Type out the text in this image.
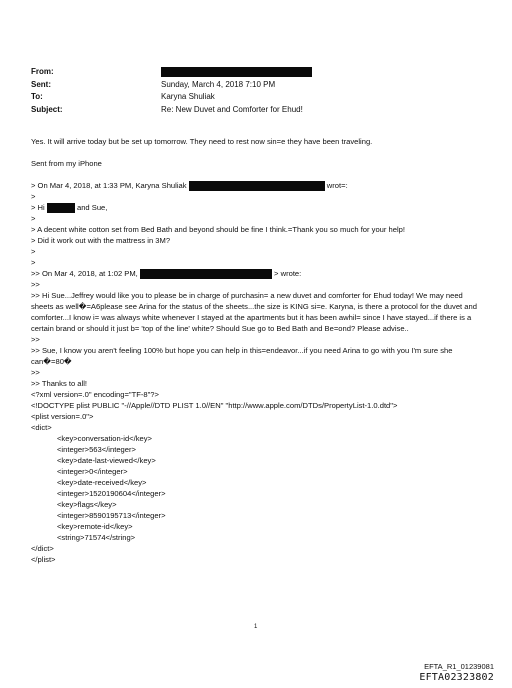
From:
Sent:	Sunday, March 4, 2018 7:10 PM
To:	Karyna Shuliak
Subject:	Re: New Duvet and Comforter for Ehud!
Yes. It will arrive today but be set up tomorrow. They need to rest now sin=e they have been traveling.
Sent from my iPhone
> On Mar 4, 2018, at 1:33 PM, Karyna Shuliak	wrot=:
>
> Hi	and Sue,
>
> A decent white cotton set from Bed Bath and beyond should be fine I think.=Thank you so much for your help!
> Did it work out with the mattress in 3M?
>
>
>> On Mar 4, 2018, at 1:02 PM,	> wrote:
>>
>> Hi Sue...Jeffrey would like you to please be in charge of purchasin= a new duvet and comforter for Ehud today! We may need sheets as well�=A6please see Arina for the status of the sheets...the size is KING si=e. Karyna, is there a protocol for the duvet and comforter...I know i= was always white whenever I stayed at the apartments but it has been awhil= since I have stayed...if there is a certain brand or should it just b= 'top of the line' white? Should Sue go to Bed Bath and Be=ond? Please advise..
>>
>> Sue, I know you aren't feeling 100% but hope you can help in this=endeavor...if you need Arina to go with you I'm sure she can�=80�
>>
>> Thanks to all!
<?xml version=.0" encoding="TF-8"?>
<!DOCTYPE plist PUBLIC "-//Apple//DTD PLIST 1.0//EN" "http://www.apple.com/DTDs/PropertyList-1.0.dtd">
<plist version=.0">
<dict>
<key>conversation-id</key>
<integer>563</integer>
<key>date-last-viewed</key>
<integer>0</integer>
<key>date-received</key>
<integer>1520190604</integer>
<key>flags</key>
<integer>8590195713</integer>
<key>remote-id</key>
<string>71574</string>
</dict>
</plist>
1
EFTA_R1_01239081
EFTA02323802
